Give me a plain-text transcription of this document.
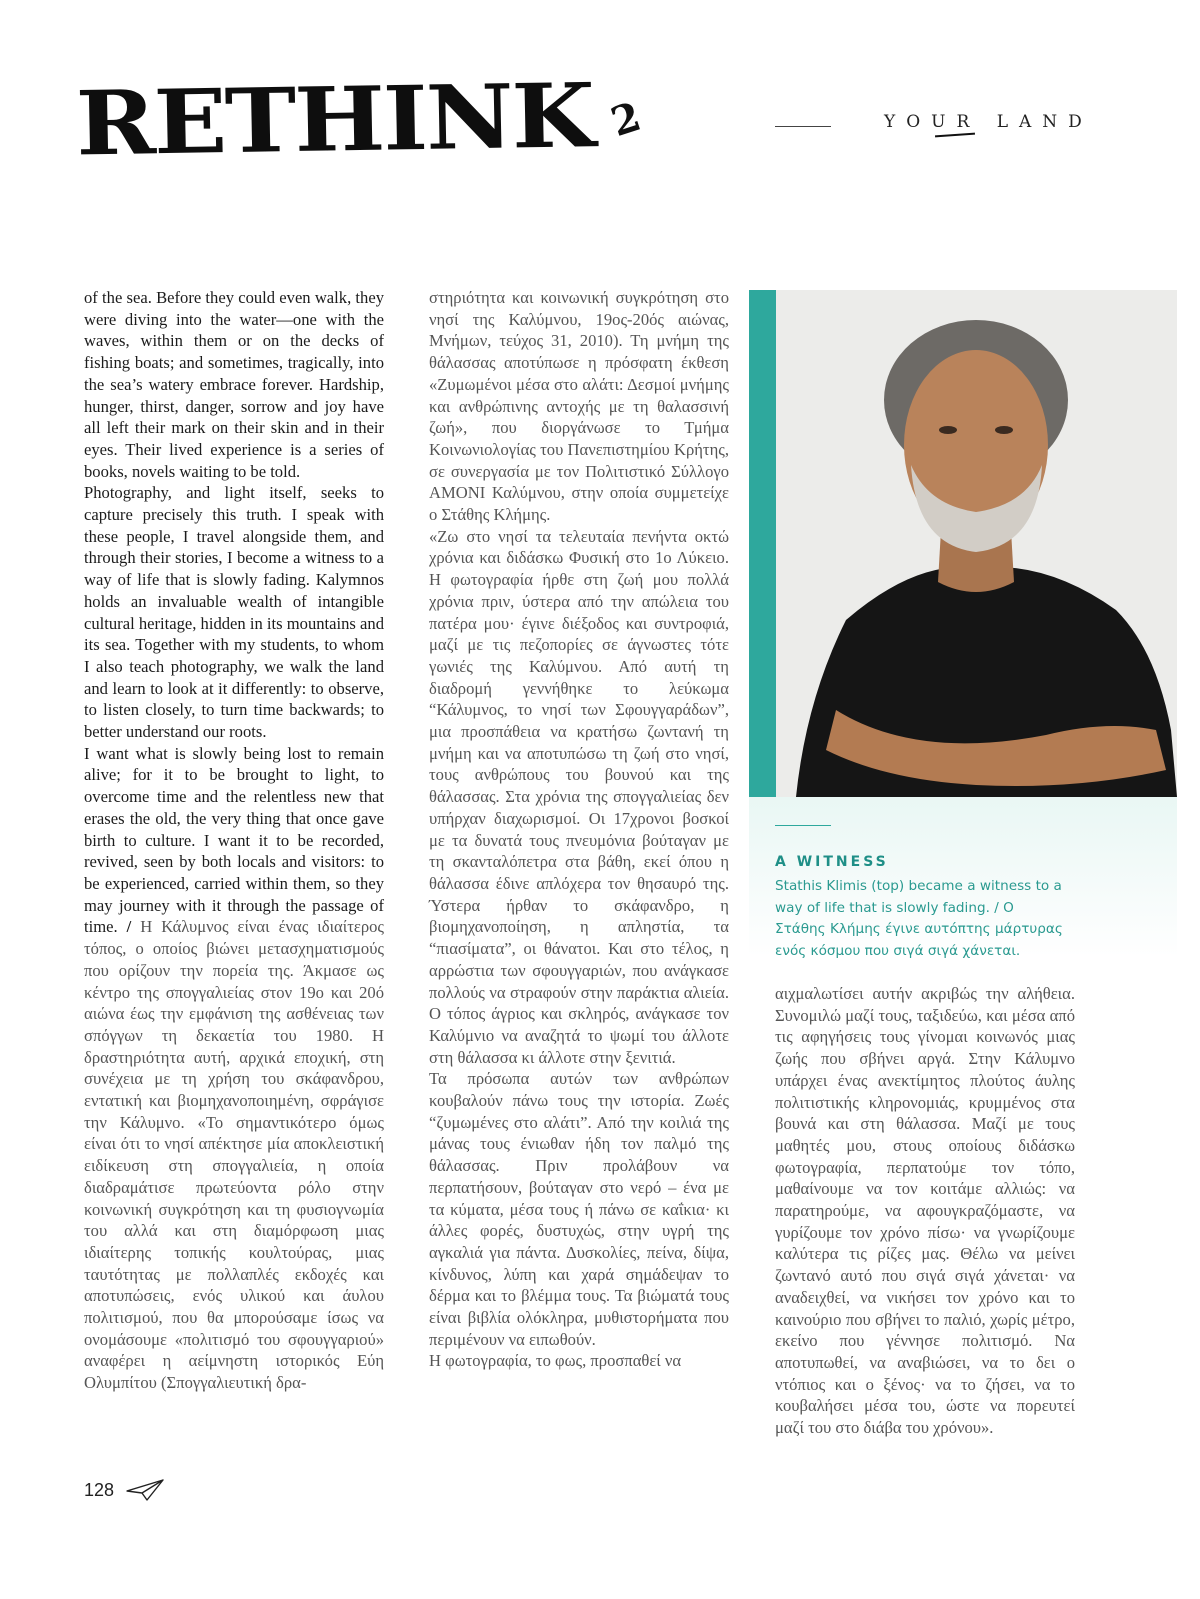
RETHINK 2	YOUR LAND

of the sea. Before they could even walk, they were diving into the water—one with the waves, within them or on the decks of fishing boats; and sometimes, tragically, into the sea’s watery embrace forever. Hardship, hunger, thirst, danger, sorrow and joy have all left their mark on their skin and in their eyes. Their lived experience is a series of books, novels waiting to be told.

Photography, and light itself, seeks to capture precisely this truth. I speak with these people, I travel alongside them, and through their stories, I become a witness to a way of life that is slowly fading. Kalymnos holds an invaluable wealth of intangible cultural heritage, hidden in its mountains and its sea. Together with my students, to whom I also teach photography, we walk the land and learn to look at it differently: to observe, to listen closely, to turn time backwards; to better understand our roots.

I want what is slowly being lost to remain alive; for it to be brought to light, to overcome time and the relentless new that erases the old, the very thing that once gave birth to culture. I want it to be recorded, revived, seen by both locals and visitors: to be experienced, carried within them, so they may journey with it through the passage of time. / Η Κάλυμνος είναι ένας ιδιαίτερος τόπος, ο οποίος βιώνει μετασχηματισμούς που ορίζουν την πορεία της. Άκμασε ως κέντρο της σπογγαλιείας στον 19ο και 20ό αιώνα έως την εμφάνιση της ασθένειας των σπόγγων τη δεκαετία του 1980. Η δραστηριότητα αυτή, αρχικά εποχική, στη συνέχεια με τη χρήση του σκάφανδρου, εντατική και βιομηχανοποιημένη, σφράγισε την Κάλυμνο. «Το σημαντικότερο όμως είναι ότι το νησί απέκτησε μία αποκλειστική ειδίκευση στη σπογγαλιεία, η οποία διαδραμάτισε πρωτεύοντα ρόλο στην κοινωνική συγκρότηση και τη φυσιογνωμία του αλλά και στη διαμόρφωση μιας ιδιαίτερης τοπικής κουλτούρας, μιας ταυτότητας με πολλαπλές εκδοχές και αποτυπώσεις, ενός υλικού και άυλου πολιτισμού, που θα μπορούσαμε ίσως να ονομάσουμε «πολιτισμό του σφουγγαριού» αναφέρει η αείμνηστη ιστορικός Εύη Ολυμπίτου (Σπογγαλιευτική δρα-

στηριότητα και κοινωνική συγκρότηση στο νησί της Καλύμνου, 19ος-20ός αιώνας, Μνήμων, τεύχος 31, 2010). Τη μνήμη της θάλασσας αποτύπωσε η πρόσφατη έκθεση «Ζυμωμένοι μέσα στο αλάτι: Δεσμοί μνήμης και ανθρώπινης αντοχής με τη θαλασσινή ζωή», που διοργάνωσε το Τμήμα Κοινωνιολογίας του Πανεπιστημίου Κρήτης, σε συνεργασία με τον Πολιτιστικό Σύλλογο ΑΜΟΝΙ Καλύμνου, στην οποία συμμετείχε ο Στάθης Κλήμης.

«Ζω στο νησί τα τελευταία πενήντα οκτώ χρόνια και διδάσκω Φυσική στο 1ο Λύκειο. Η φωτογραφία ήρθε στη ζωή μου πολλά χρόνια πριν, ύστερα από την απώλεια του πατέρα μου· έγινε διέξοδος και συντροφιά, μαζί με τις πεζοπορίες σε άγνωστες τότε γωνιές της Καλύμνου. Από αυτή τη διαδρομή γεννήθηκε το λεύκωμα “Κάλυμνος, το νησί των Σφουγγαράδων”, μια προσπάθεια να κρατήσω ζωντανή τη μνήμη και να αποτυπώσω τη ζωή στο νησί, τους ανθρώπους του βουνού και της θάλασσας. Στα χρόνια της σπογγαλιείας δεν υπήρχαν διαχωρισμοί. Οι 17χρονοι βοσκοί με τα δυνατά τους πνευμόνια βούταγαν με τη σκανταλόπετρα στα βάθη, εκεί όπου η θάλασσα έδινε απλόχερα τον θησαυρό της. Ύστερα ήρθαν το σκάφανδρο, η βιομηχανοποίηση, η απληστία, τα “πιασίματα”, οι θάνατοι. Και στο τέλος, η αρρώστια των σφουγγαριών, που ανάγκασε πολλούς να στραφούν στην παράκτια αλιεία. Ο τόπος άγριος και σκληρός, ανάγκασε τον Καλύμνιο να αναζητά το ψωμί του άλλοτε στη θάλασσα κι άλλοτε στην ξενιτιά.

Τα πρόσωπα αυτών των ανθρώπων κουβαλούν πάνω τους την ιστορία. Ζωές “ζυμωμένες στο αλάτι”. Από την κοιλιά της μάνας τους ένιωθαν ήδη τον παλμό της θάλασσας. Πριν προλάβουν να περπατήσουν, βούταγαν στο νερό – ένα με τα κύματα, μέσα τους ή πάνω σε καΐκια· κι άλλες φορές, δυστυχώς, στην υγρή της αγκαλιά για πάντα. Δυσκολίες, πείνα, δίψα, κίνδυνος, λύπη και χαρά σημάδεψαν το δέρμα και το βλέμμα τους. Τα βιώματά τους είναι βιβλία ολόκληρα, μυθιστορήματα που περιμένουν να ειπωθούν.

Η φωτογραφία, το φως, προσπαθεί να

A WITNESS
Stathis Klimis (top) became a witness to a way of life that is slowly fading. / Ο Στάθης Κλήμης έγινε αυτόπτης μάρτυρας ενός κόσμου που σιγά σιγά χάνεται.

αιχμαλωτίσει αυτήν ακριβώς την αλήθεια. Συνομιλώ μαζί τους, ταξιδεύω, και μέσα από τις αφηγήσεις τους γίνομαι κοινωνός μιας ζωής που σβήνει αργά. Στην Κάλυμνο υπάρχει ένας ανεκτίμητος πλούτος άυλης πολιτιστικής κληρονομιάς, κρυμμένος στα βουνά και στη θάλασσα. Μαζί με τους μαθητές μου, στους οποίους διδάσκω φωτογραφία, περπατούμε τον τόπο, μαθαίνουμε να τον κοιτάμε αλλιώς: να παρατηρούμε, να αφουγκραζόμαστε, να γυρίζουμε τον χρόνο πίσω· να γνωρίζουμε καλύτερα τις ρίζες μας. Θέλω να μείνει ζωντανό αυτό που σιγά σιγά χάνεται· να αναδειχθεί, να νικήσει τον χρόνο και το καινούριο που σβήνει το παλιό, χωρίς μέτρο, εκείνο που γέννησε πολιτισμό. Να αποτυπωθεί, να αναβιώσει, να το δει ο ντόπιος και ο ξένος· να το ζήσει, να το κουβαλήσει μέσα του, ώστε να πορευτεί μαζί του στο διάβα του χρόνου».

128
